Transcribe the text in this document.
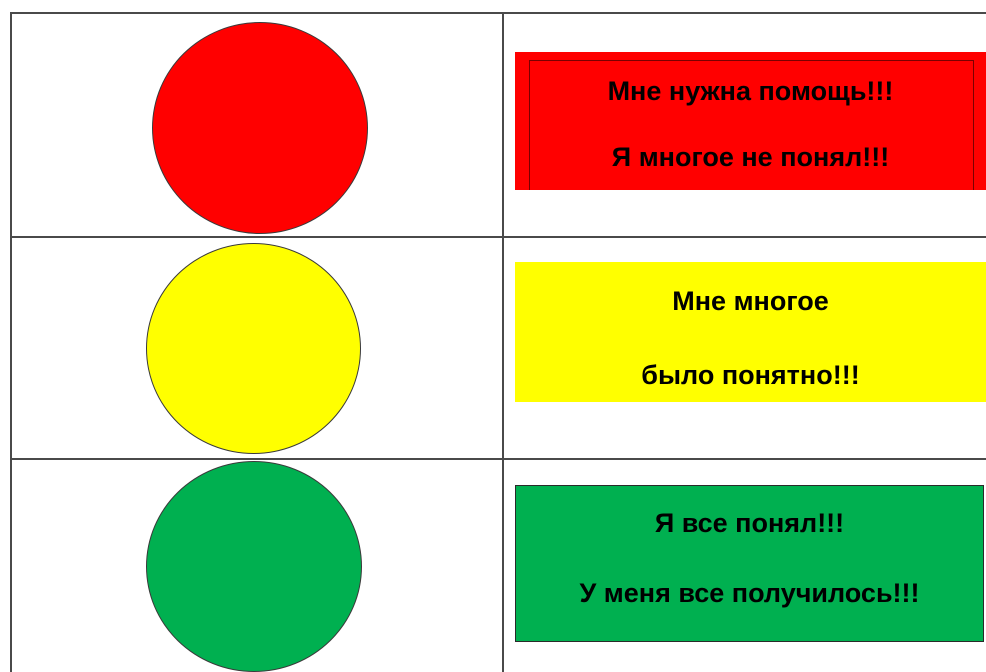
Мне нужна помощь!!!
Я многое не понял!!!
Мне многое
было понятно!!!
Я все понял!!!
У меня все получилось!!!
